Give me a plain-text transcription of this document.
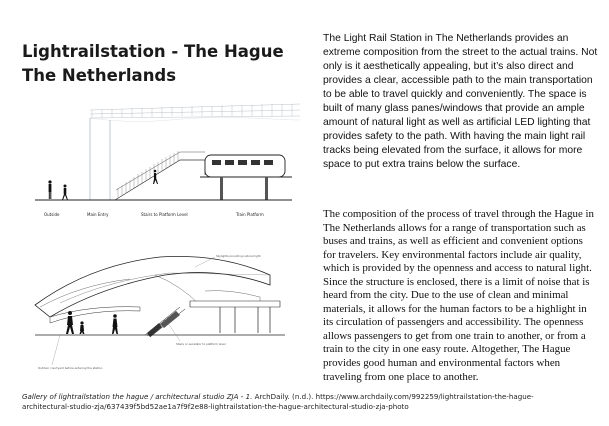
Lightrailstation - The Hague
The Netherlands

The Light Rail Station in The Netherlands provides an extreme composition from the street to the actual trains. Not only is it aesthetically appealing, but it’s also direct and provides a clear, accessible path to the main transportation to be able to travel quickly and conveniently. The space is built of many glass panes/windows that provide an ample amount of natural light as well as artificial LED lighting that provides safety to the path. With having the main light rail tracks being elevated from the surface, it allows for more space to put extra trains below the surface.

The composition of the process of travel through the Hague in The Netherlands allows for a range of transportation such as buses and trains, as well as efficient and convenient options for travelers. Key environmental factors include air quality, which is provided by the openness and access to natural light. Since the structure is enclosed, there is a limit of noise that is heard from the city. Due to the use of clean and minimal materials, it allows for the human factors to be a highlight in its circulation of passengers and accessibility. The openness allows passengers to get from one train to another, or from a train to the city in one easy route. Altogether, The Hague provides good human and environmental factors when traveling from one place to another.

Outside	Main Entry	Stairs to Platform Level	Train Platform
Skylights providing natural light
Stairs or escalator to platform level
Outdoor courtyard before entering the station
Gallery of lightrailstation the hague / architectural studio ZJA - 1. ArchDaily. (n.d.). https://www.archdaily.com/992259/lightrailstation-the-hague-
architectural-studio-zja/637439f5bd52ae1a7f9f2e88-lightrailstation-the-hague-architectural-studio-zja-photo
